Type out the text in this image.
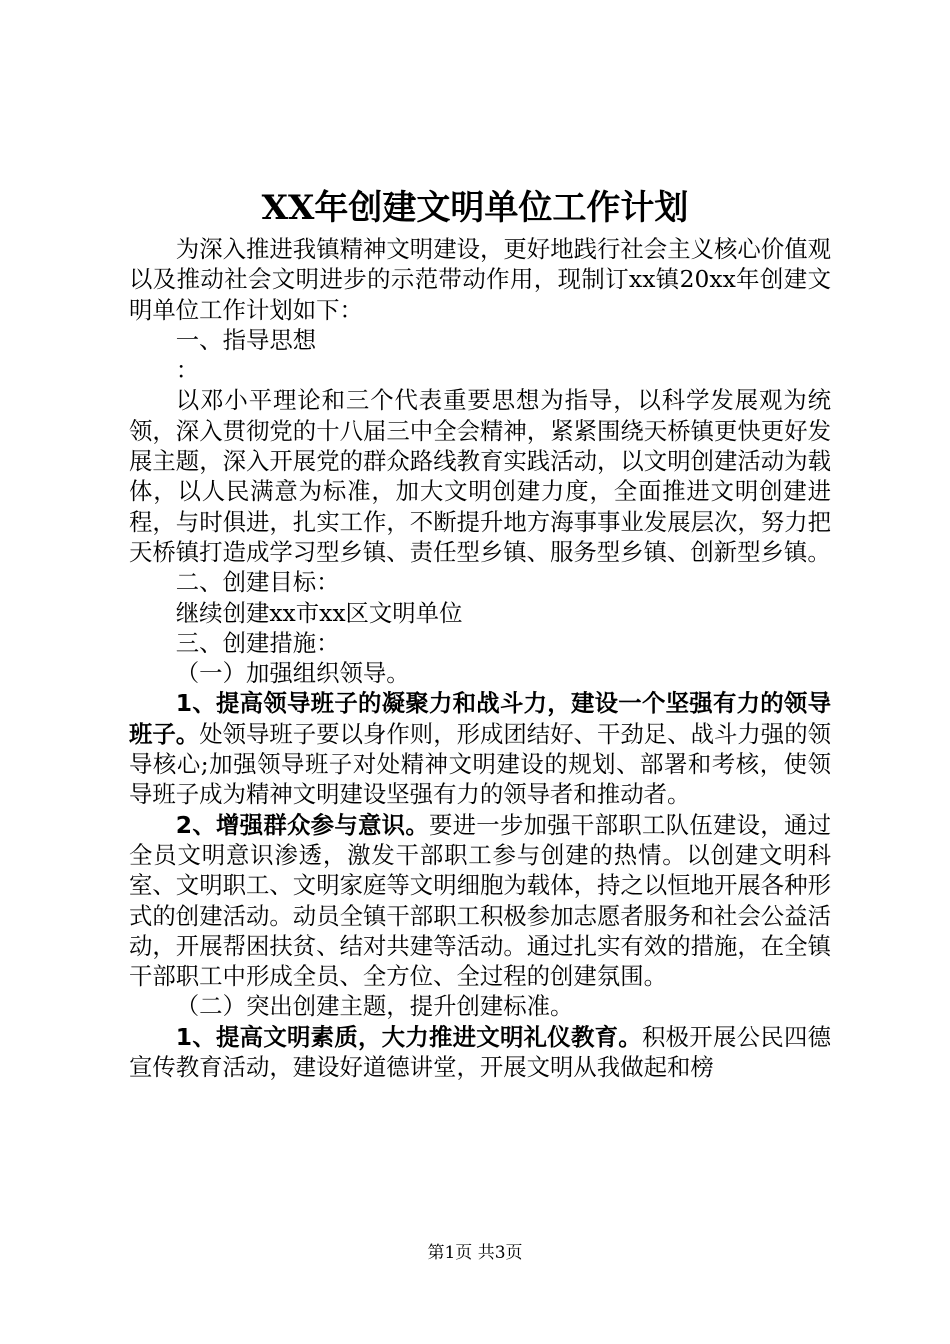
XX年创建文明单位工作计划

为深入推进我镇精神文明建设，更好地践行社会主义核心价值观以及推动社会文明进步的示范带动作用，现制订xx镇20xx年创建文明单位工作计划如下：

一、指导思想

：

以邓小平理论和三个代表重要思想为指导，以科学发展观为统领，深入贯彻党的十八届三中全会精神，紧紧围绕天桥镇更快更好发展主题，深入开展党的群众路线教育实践活动，以文明创建活动为载体，以人民满意为标准，加大文明创建力度，全面推进文明创建进程，与时俱进，扎实工作，不断提升地方海事事业发展层次，努力把天桥镇打造成学习型乡镇、责任型乡镇、服务型乡镇、创新型乡镇。

二、创建目标：

继续创建xx市xx区文明单位

三、创建措施：

（一）加强组织领导。

1、提高领导班子的凝聚力和战斗力，建设一个坚强有力的领导班子。处领导班子要以身作则，形成团结好、干劲足、战斗力强的领导核心;加强领导班子对处精神文明建设的规划、部署和考核，使领导班子成为精神文明建设坚强有力的领导者和推动者。

2、增强群众参与意识。要进一步加强干部职工队伍建设，通过全员文明意识渗透，激发干部职工参与创建的热情。以创建文明科室、文明职工、文明家庭等文明细胞为载体，持之以恒地开展各种形式的创建活动。动员全镇干部职工积极参加志愿者服务和社会公益活动，开展帮困扶贫、结对共建等活动。通过扎实有效的措施，在全镇干部职工中形成全员、全方位、全过程的创建氛围。

（二）突出创建主题，提升创建标准。

1、提高文明素质，大力推进文明礼仪教育。积极开展公民四德宣传教育活动，建设好道德讲堂，开展文明从我做起和榜

第1页 共3页
